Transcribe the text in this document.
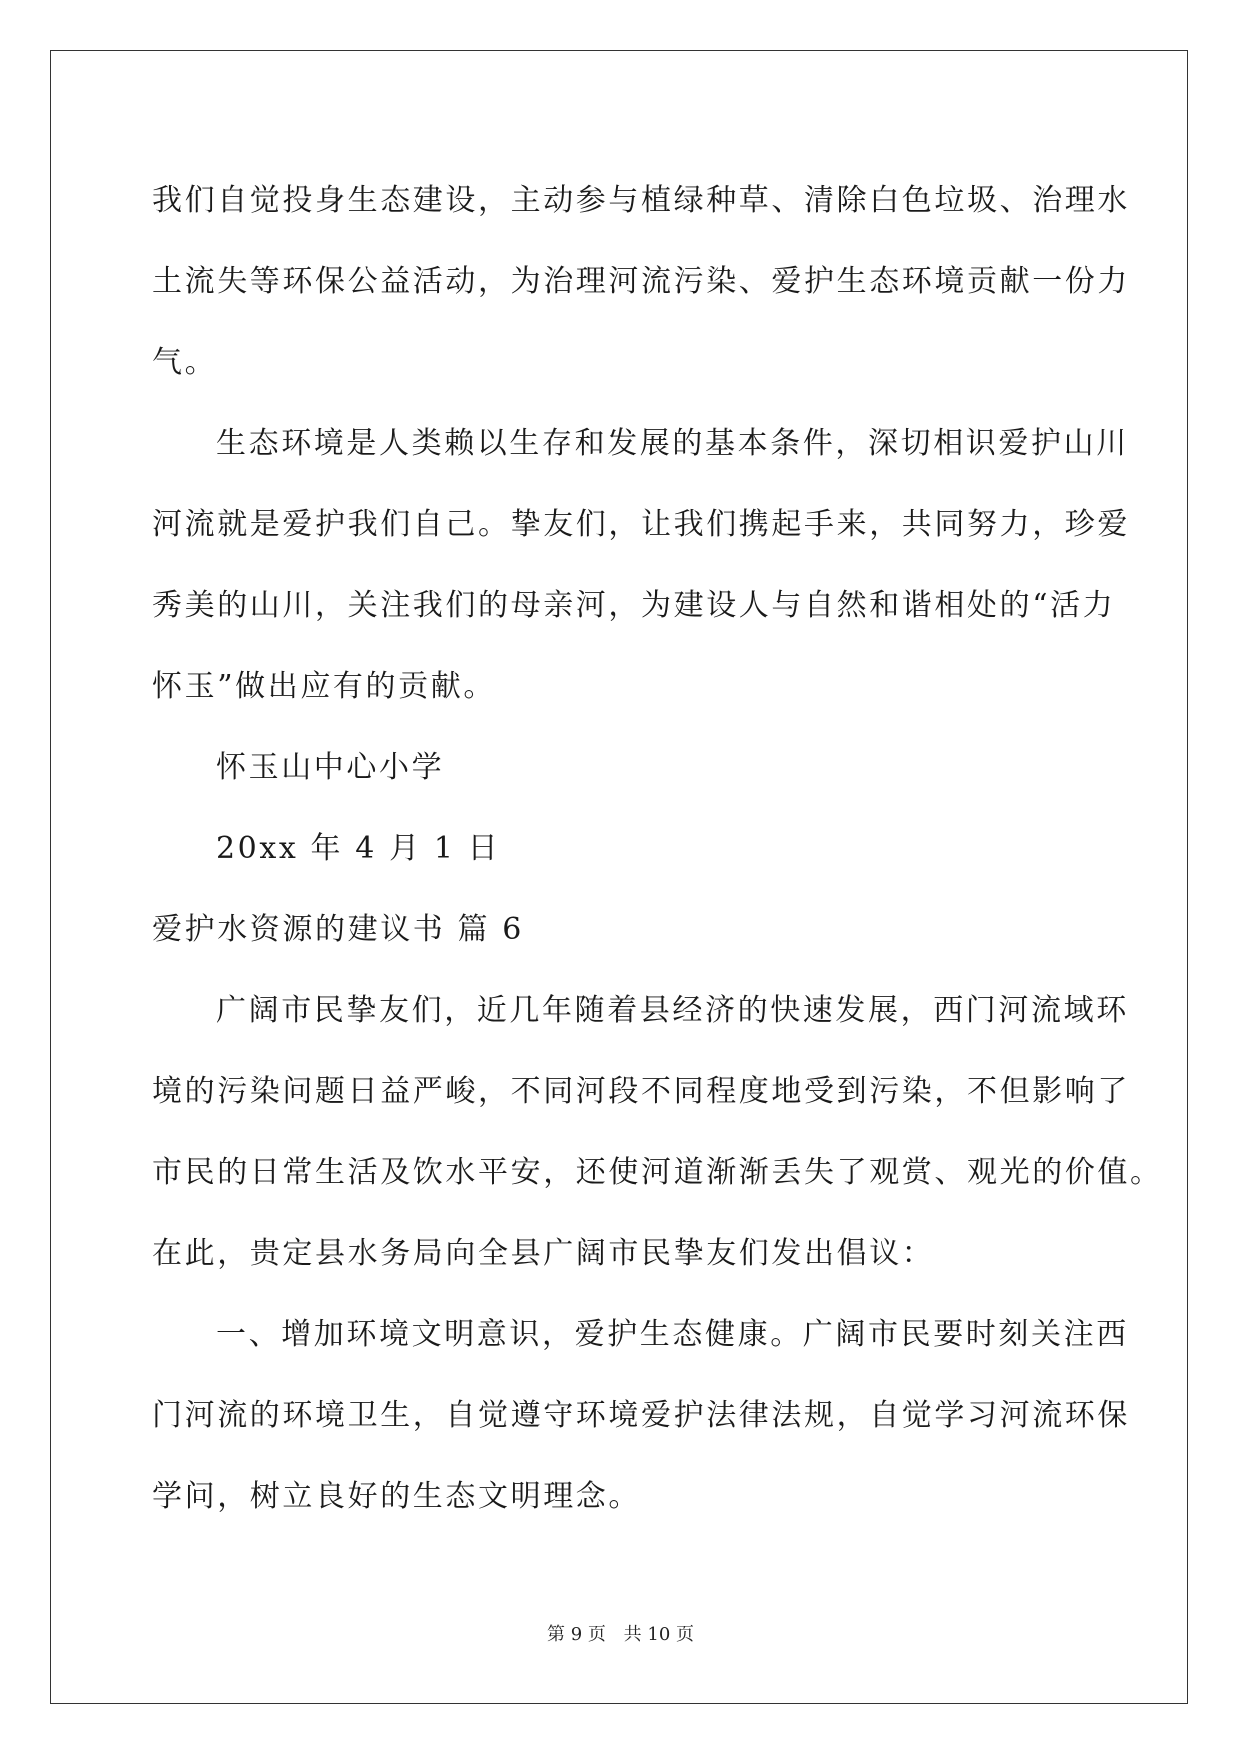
我们自觉投身生态建设，主动参与植绿种草、清除白色垃圾、治理水
土流失等环保公益活动，为治理河流污染、爱护生态环境贡献一份力
气。
生态环境是人类赖以生存和发展的基本条件，深切相识爱护山川
河流就是爱护我们自己。挚友们，让我们携起手来，共同努力，珍爱
秀美的山川，关注我们的母亲河，为建设人与自然和谐相处的“活力
怀玉”做出应有的贡献。
怀玉山中心小学
20xx 年 4 月 1 日
爱护水资源的建议书 篇 6
广阔市民挚友们，近几年随着县经济的快速发展，西门河流域环
境的污染问题日益严峻，不同河段不同程度地受到污染，不但影响了
市民的日常生活及饮水平安，还使河道渐渐丢失了观赏、观光的价值。
在此，贵定县水务局向全县广阔市民挚友们发出倡议：
一、增加环境文明意识，爱护生态健康。广阔市民要时刻关注西
门河流的环境卫生，自觉遵守环境爱护法律法规，自觉学习河流环保
学问，树立良好的生态文明理念。
第 9 页 共 10 页
